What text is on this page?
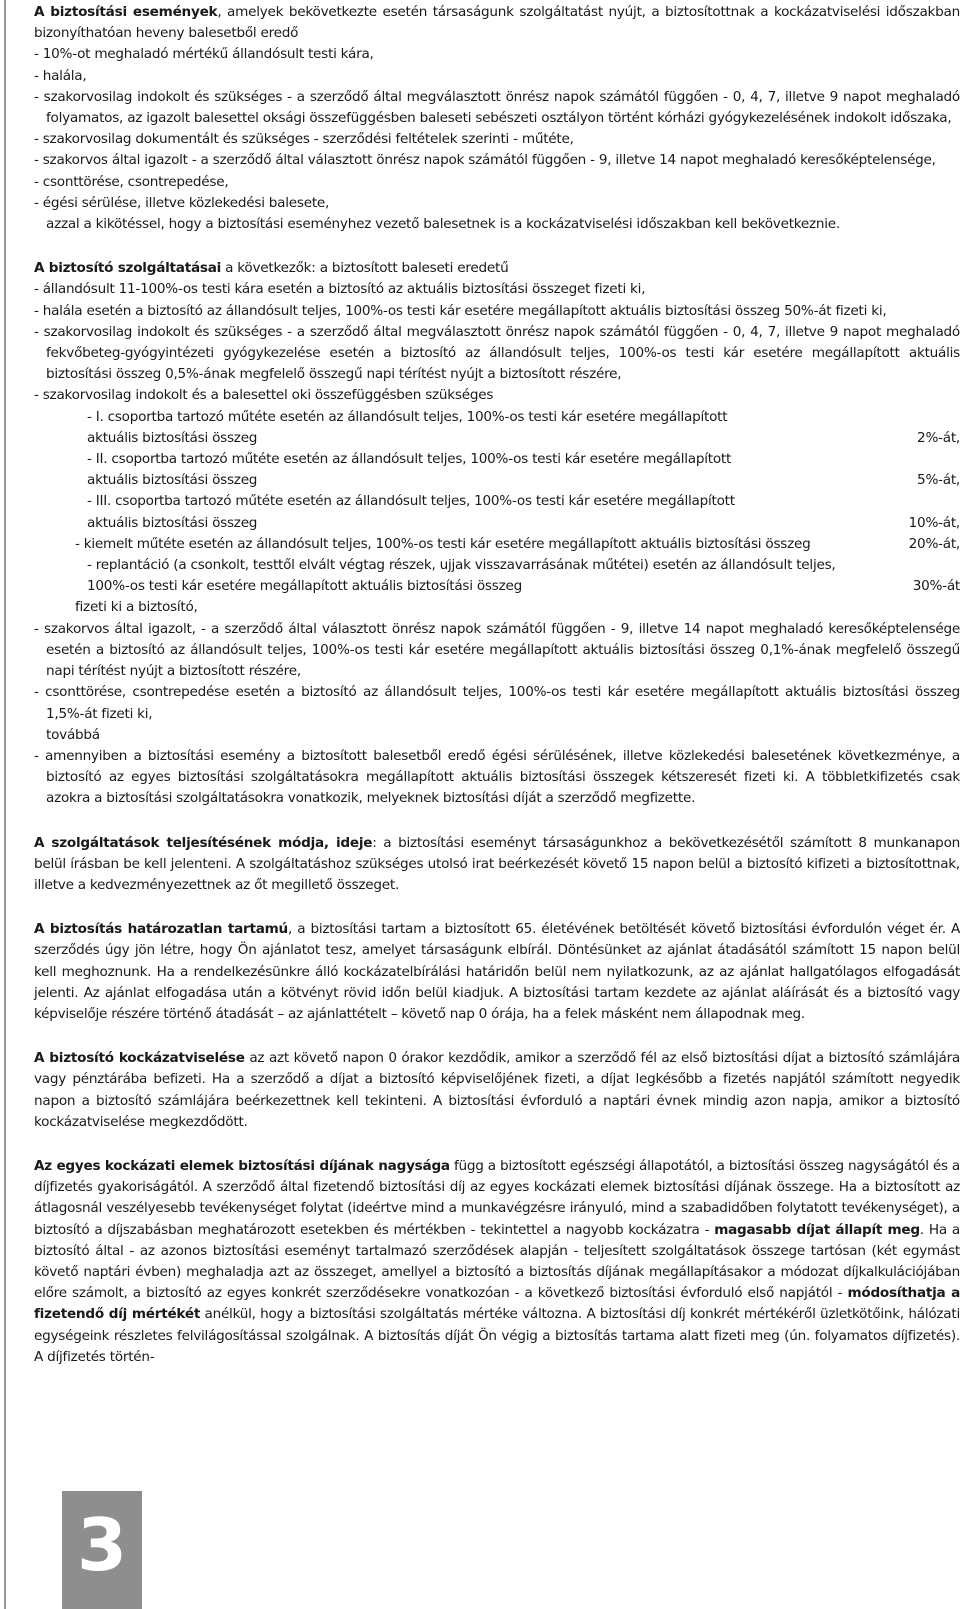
A biztosítási események, amelyek bekövetkezte esetén társaságunk szolgáltatást nyújt, a biztosítottnak a kockázatviselési időszakban bizonyíthatóan heveny balesetből eredő

- 10%-ot meghaladó mértékű állandósult testi kára,
- halála,
- szakorvosilag indokolt és szükséges - a szerződő által megválasztott önrész napok számától függően - 0, 4, 7, illetve 9 napot meghaladó folyamatos, az igazolt balesettel oksági összefüggésben baleseti sebészeti osztályon történt kórházi gyógykezelésének indokolt időszaka,
- szakorvosilag dokumentált és szükséges - szerződési feltételek szerinti - műtéte,
- szakorvos által igazolt - a szerződő által választott önrész napok számától függően - 9, illetve 14 napot meghaladó keresőképtelensége,
- csonttörése, csontrepedése,
- égési sérülése, illetve közlekedési balesete,

azzal a kikötéssel, hogy a biztosítási eseményhez vezető balesetnek is a kockázatviselési időszakban kell bekövetkeznie.

A biztosító szolgáltatásai a következők: a biztosított baleseti eredetű

- állandósult 11-100%-os testi kára esetén a biztosító az aktuális biztosítási összeget fizeti ki,
- halála esetén a biztosító az állandósult teljes, 100%-os testi kár esetére megállapított aktuális biztosítási összeg 50%-át fizeti ki,
- szakorvosilag indokolt és szükséges - a szerződő által megválasztott önrész napok számától függően - 0, 4, 7, illetve 9 napot meghaladó fekvőbeteg-gyógyintézeti gyógykezelése esetén a biztosító az állandósult teljes, 100%-os testi kár esetére megállapított aktuális biztosítási összeg 0,5%-ának megfelelő összegű napi térítést nyújt a biztosított részére,
- szakorvosilag indokolt és a balesettel oki összefüggésben szükséges
- I. csoportba tartozó műtéte esetén az állandósult teljes, 100%-os testi kár esetére megállapított
aktuális biztosítási összeg	2%-át,
- II. csoportba tartozó műtéte esetén az állandósult teljes, 100%-os testi kár esetére megállapított
aktuális biztosítási összeg	5%-át,
- III. csoportba tartozó műtéte esetén az állandósult teljes, 100%-os testi kár esetére megállapított
aktuális biztosítási összeg	10%-át,
- kiemelt műtéte esetén az állandósult teljes, 100%-os testi kár esetére megállapított aktuális biztosítási összeg	20%-át,
- replantáció (a csonkolt, testtől elvált végtag részek, ujjak visszavarrásának műtétei) esetén az állandósult teljes,
100%-os testi kár esetére megállapított aktuális biztosítási összeg	30%-át
fizeti ki a biztosító,
- szakorvos által igazolt, - a szerződő által választott önrész napok számától függően - 9, illetve 14 napot meghaladó keresőképtelensége esetén a biztosító az állandósult teljes, 100%-os testi kár esetére megállapított aktuális biztosítási összeg 0,1%-ának megfelelő összegű napi térítést nyújt a biztosított részére,
- csonttörése, csontrepedése esetén a biztosító az állandósult teljes, 100%-os testi kár esetére megállapított aktuális biztosítási összeg 1,5%-át fizeti ki,

továbbá

- amennyiben a biztosítási esemény a biztosított balesetből eredő égési sérülésének, illetve közlekedési balesetének következménye, a biztosító az egyes biztosítási szolgáltatásokra megállapított aktuális biztosítási összegek kétszeresét fizeti ki. A többletkifizetés csak azokra a biztosítási szolgáltatásokra vonatkozik, melyeknek biztosítási díját a szerződő megfizette.

A szolgáltatások teljesítésének módja, ideje: a biztosítási eseményt társaságunkhoz a bekövetkezésétől számított 8 munkanapon belül írásban be kell jelenteni. A szolgáltatáshoz szükséges utolsó irat beérkezését követő 15 napon belül a biztosító kifizeti a biztosítottnak, illetve a kedvezményezettnek az őt megillető összeget.

A biztosítás határozatlan tartamú, a biztosítási tartam a biztosított 65. életévének betöltését követő biztosítási évfordulón véget ér. A szerződés úgy jön létre, hogy Ön ajánlatot tesz, amelyet társaságunk elbírál. Döntésünket az ajánlat átadásától számított 15 napon belül kell meghoznunk. Ha a rendelkezésünkre álló kockázatelbírálási határidőn belül nem nyilatkozunk, az az ajánlat hallgatólagos elfogadását jelenti. Az ajánlat elfogadása után a kötvényt rövid időn belül kiadjuk. A biztosítási tartam kezdete az ajánlat aláírását és a biztosító vagy képviselője részére történő átadását – az ajánlattételt – követő nap 0 órája, ha a felek másként nem állapodnak meg.

A biztosító kockázatviselése az azt követő napon 0 órakor kezdődik, amikor a szerződő fél az első biztosítási díjat a biztosító számlájára vagy pénztárába befizeti. Ha a szerződő a díjat a biztosító képviselőjének fizeti, a díjat legkésőbb a fizetés napjától számított negyedik napon a biztosító számlájára beérkezettnek kell tekinteni. A biztosítási évforduló a naptári évnek mindig azon napja, amikor a biztosító kockázatviselése megkezdődött.

Az egyes kockázati elemek biztosítási díjának nagysága függ a biztosított egészségi állapotától, a biztosítási összeg nagyságától és a díjfizetés gyakoriságától. A szerződő által fizetendő biztosítási díj az egyes kockázati elemek biztosítási díjának összege. Ha a biztosított az átlagosnál veszélyesebb tevékenységet folytat (ideértve mind a munkavégzésre irányuló, mind a szabadidőben folytatott tevékenységet), a biztosító a díjszabásban meghatározott esetekben és mértékben - tekintettel a nagyobb kockázatra - magasabb díjat állapít meg. Ha a biztosító által - az azonos biztosítási eseményt tartalmazó szerződések alapján - teljesített szolgáltatások összege tartósan (két egymást követő naptári évben) meghaladja azt az összeget, amellyel a biztosító a biztosítás díjának megállapításakor a módozat díjkalkulációjában előre számolt, a biztosító az egyes konkrét szerződésekre vonatkozóan - a következő biztosítási évforduló első napjától - módosíthatja a fizetendő díj mértékét anélkül, hogy a biztosítási szolgáltatás mértéke változna. A biztosítási díj konkrét mértékéről üzletkötőink, hálózati egységeink részletes felvilágosítással szolgálnak. A biztosítás díját Ön végig a biztosítás tartama alatt fizeti meg (ún. folyamatos díjfizetés). A díjfizetés történ-

3
